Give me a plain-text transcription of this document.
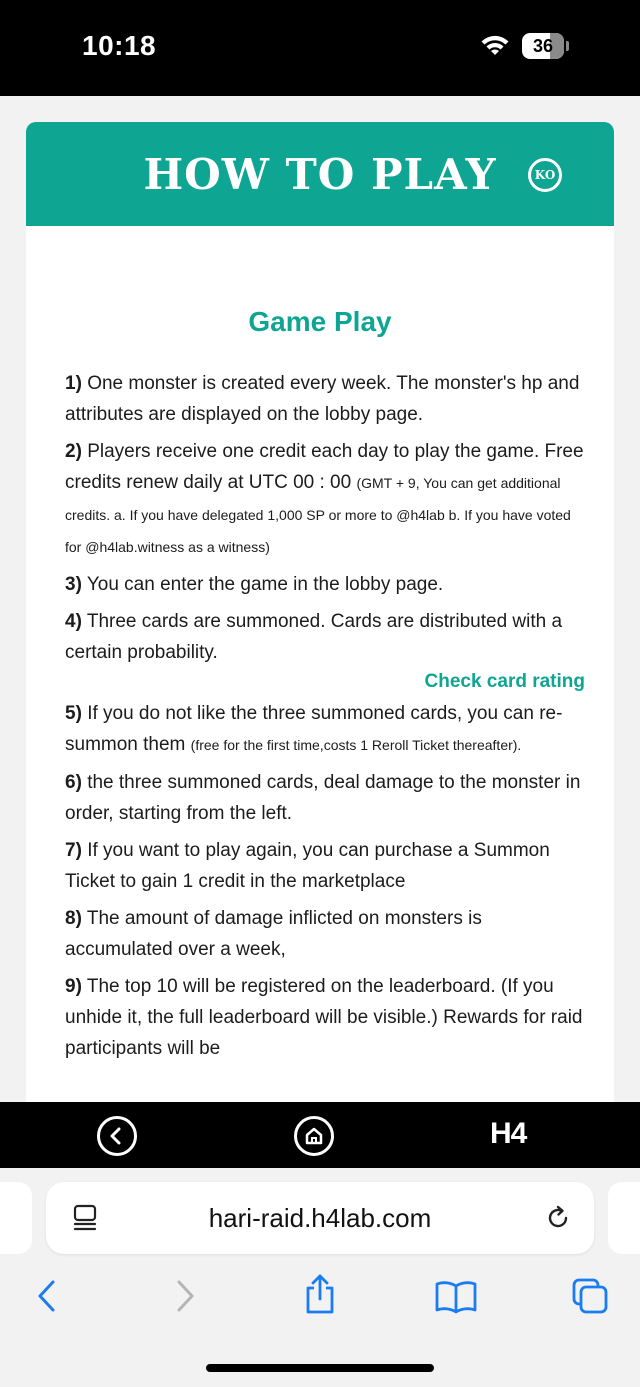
10:18	36
HOW TO PLAY	KO
Game Play
1) One monster is created every week. The monster's hp and attributes are displayed on the lobby page.
2) Players receive one credit each day to play the game. Free credits renew daily at UTC 00 : 00 (GMT + 9, You can get additional credits. a. If you have delegated 1,000 SP or more to @h4lab b. If you have voted for @h4lab.witness as a witness)
3) You can enter the game in the lobby page.
4) Three cards are summoned. Cards are distributed with a certain probability.
Check card rating
5) If you do not like the three summoned cards, you can re-summon them (free for the first time,costs 1 Reroll Ticket thereafter).
6) the three summoned cards, deal damage to the monster in order, starting from the left.
7) If you want to play again, you can purchase a Summon Ticket to gain 1 credit in the marketplace
8) The amount of damage inflicted on monsters is accumulated over a week,
9) The top 10 will be registered on the leaderboard. (If you unhide it, the full leaderboard will be visible.) Rewards for raid participants will be
H4
hari-raid.h4lab.com
